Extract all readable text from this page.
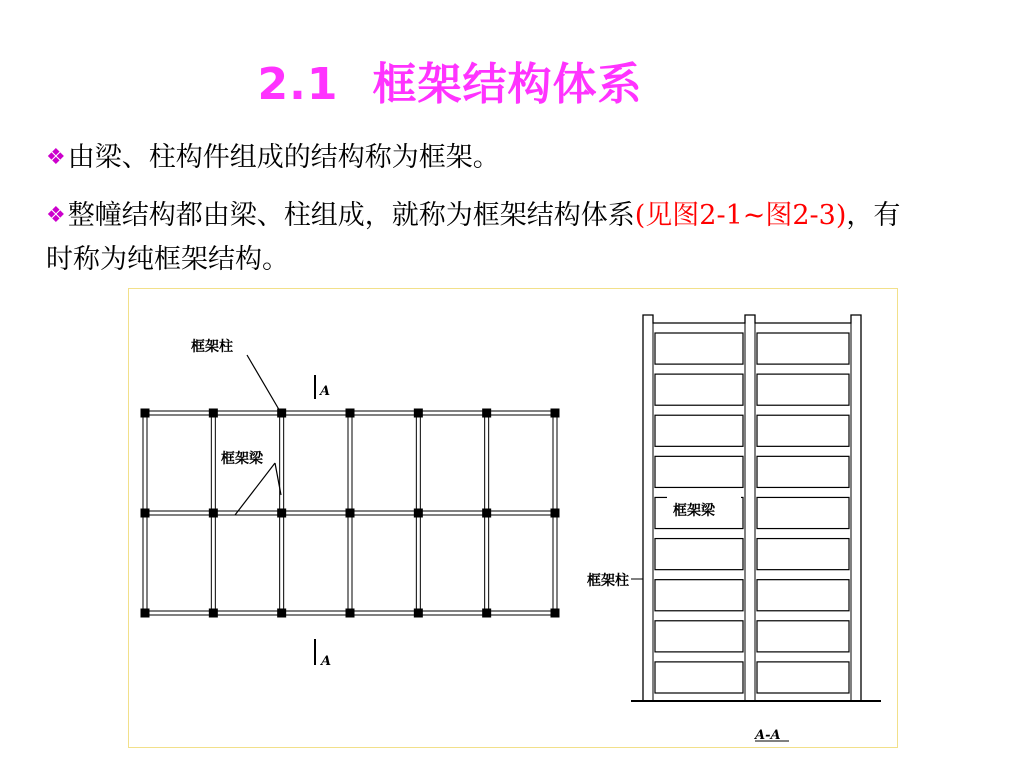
2.1 框架结构体系
❖由梁、柱构件组成的结构称为框架。
❖整幢结构都由梁、柱组成，就称为框架结构体系(见图2-1~图2-3)，有时称为纯框架结构。
框架柱
框架梁
A
A
框架梁
框架柱
A-A
